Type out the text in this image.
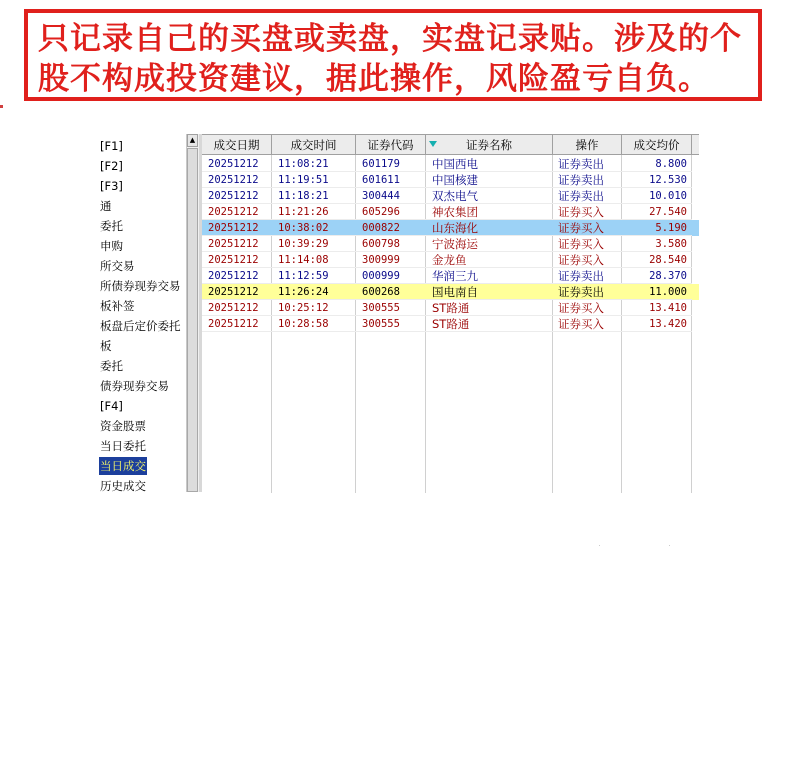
只记录自己的买盘或卖盘，实盘记录贴。涉及的个
股不构成投资建议，据此操作，风险盈亏自负。
[F1]
[F2]
[F3]
通
委托
申购
所交易
所债券现券交易
板补签
板盘后定价委托
板
委托
债券现券交易
[F4]
资金股票
当日委托
当日成交
历史成交
▲	成交日期	成交时间	证券代码	证券名称	操作	成交均价
20251212	11:08:21	601179	中国西电	证券卖出	8.800
20251212	11:19:51	601611	中国核建	证券卖出	12.530
20251212	11:18:21	300444	双杰电气	证券卖出	10.010
20251212	11:21:26	605296	神农集团	证券买入	27.540
20251212	10:38:02	000822	山东海化	证券买入	5.190
20251212	10:39:29	600798	宁波海运	证券买入	3.580
20251212	11:14:08	300999	金龙鱼	证券买入	28.540
20251212	11:12:59	000999	华润三九	证券卖出	28.370
20251212	11:26:24	600268	国电南自	证券卖出	11.000
20251212	10:25:12	300555	ST路通	证券买入	13.410
20251212	10:28:58	300555	ST路通	证券买入	13.420
